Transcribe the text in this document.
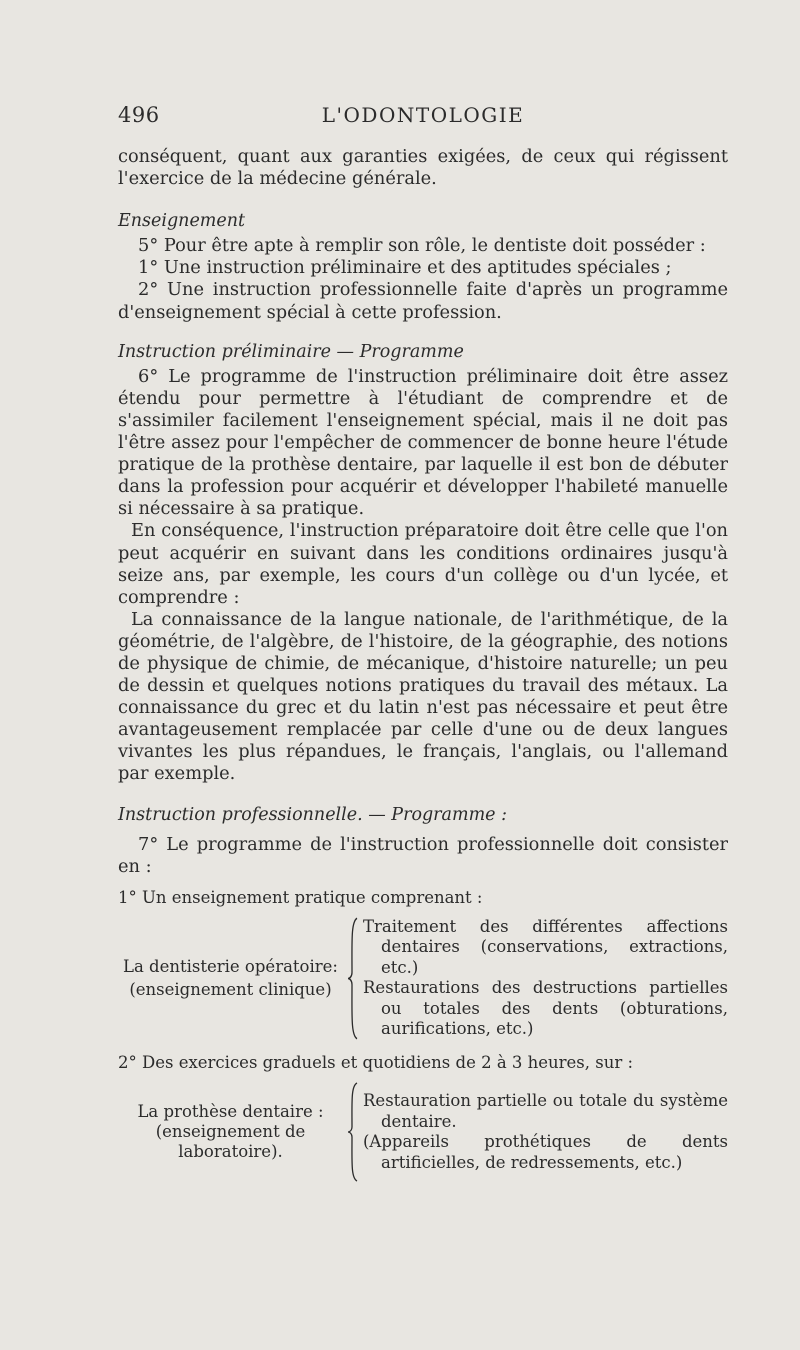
496	L'ODONTOLOGIE

conséquent, quant aux garanties exigées, de ceux qui régissent l'exercice de la médecine générale.

Enseignement

5° Pour être apte à remplir son rôle, le dentiste doit posséder :

1° Une instruction préliminaire et des aptitudes spéciales ;

2° Une instruction professionnelle faite d'après un programme d'enseignement spécial à cette profession.

Instruction préliminaire — Programme

6° Le programme de l'instruction préliminaire doit être assez étendu pour permettre à l'étudiant de comprendre et de s'assimiler facilement l'enseignement spécial, mais il ne doit pas l'être assez pour l'empêcher de commencer de bonne heure l'étude pratique de la prothèse dentaire, par laquelle il est bon de débuter dans la profession pour acquérir et développer l'habileté manuelle si nécessaire à sa pratique.

En conséquence, l'instruction préparatoire doit être celle que l'on peut acquérir en suivant dans les conditions ordinaires jusqu'à seize ans, par exemple, les cours d'un collège ou d'un lycée, et comprendre :

La connaissance de la langue nationale, de l'arithmétique, de la géométrie, de l'algèbre, de l'histoire, de la géographie, des notions de physique de chimie, de mécanique, d'histoire naturelle; un peu de dessin et quelques notions pratiques du travail des métaux. La connaissance du grec et du latin n'est pas nécessaire et peut être avantageusement remplacée par celle d'une ou de deux langues vivantes les plus répandues, le français, l'anglais, ou l'allemand par exemple.

Instruction professionnelle. — Programme :

7° Le programme de l'instruction professionnelle doit consister en :

1° Un enseignement pratique comprenant :

La dentisterie opératoire:
(enseignement clinique)

Traitement des différentes affections dentaires (conservations, extractions, etc.)

Restaurations des destructions partielles ou totales des dents (obturations, aurifications, etc.)

2° Des exercices graduels et quotidiens de 2 à 3 heures, sur :

La prothèse dentaire :
(enseignement de laboratoire).

Restauration partielle ou totale du système dentaire.

(Appareils prothétiques de dents artificielles, de redressements, etc.)
